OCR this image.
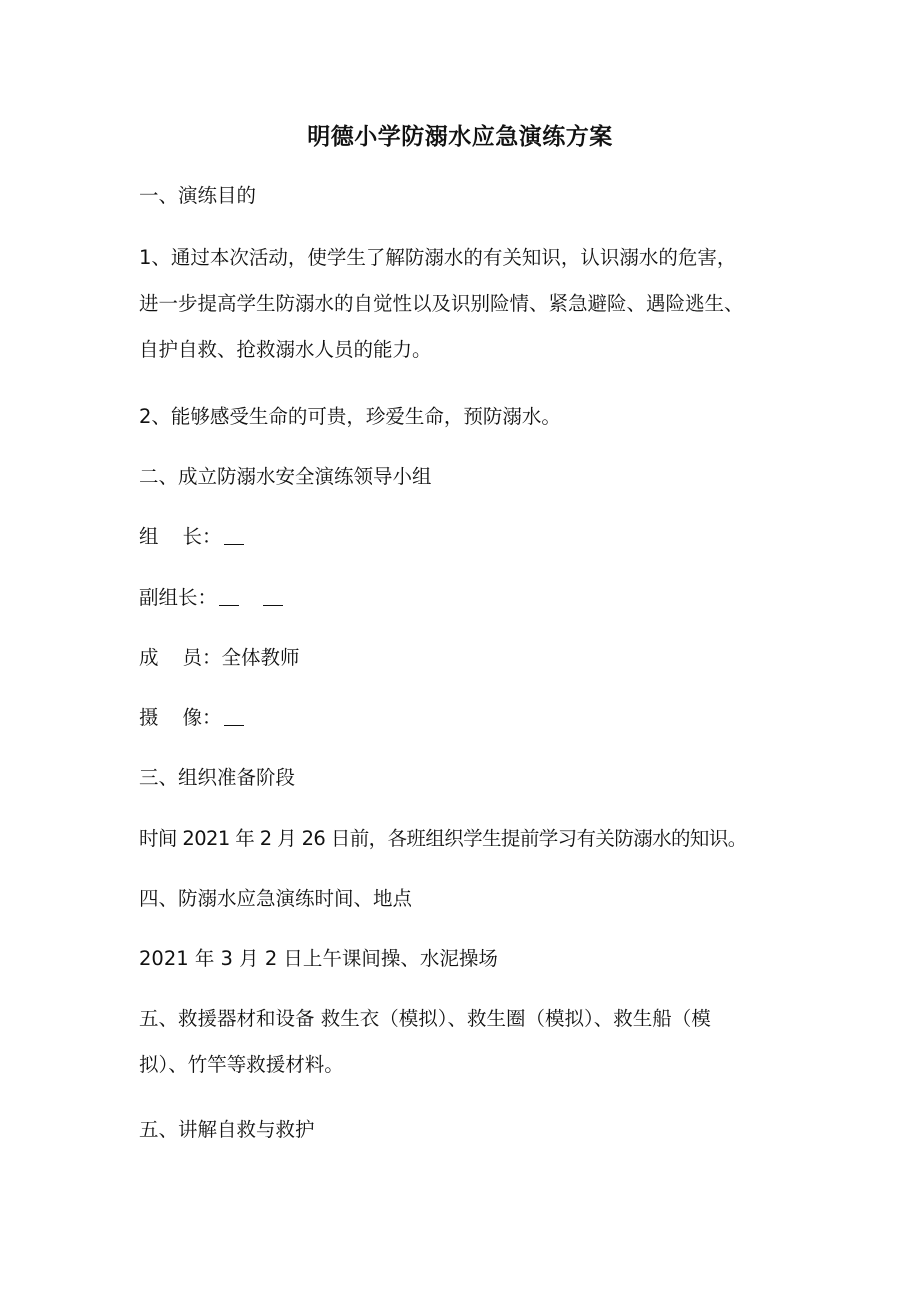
明德小学防溺水应急演练方案
一、演练目的
1、通过本次活动，使学生了解防溺水的有关知识，认识溺水的危害，
进一步提高学生防溺水的自觉性以及识别险情、紧急避险、遇险逃生、
自护自救、抢救溺水人员的能力。
2、能够感受生命的可贵，珍爱生命，预防溺水。
二、成立防溺水安全演练领导小组
组 长：
副组长：
成 员：全体教师
摄 像：
三、组织准备阶段
时间 2021 年 2 月 26 日前，各班组织学生提前学习有关防溺水的知识。
四、防溺水应急演练时间、地点
2021 年 3 月 2 日上午课间操、水泥操场
五、救援器材和设备 救生衣（模拟）、救生圈（模拟）、救生船（模
拟）、竹竿等救援材料。
五、讲解自救与救护
